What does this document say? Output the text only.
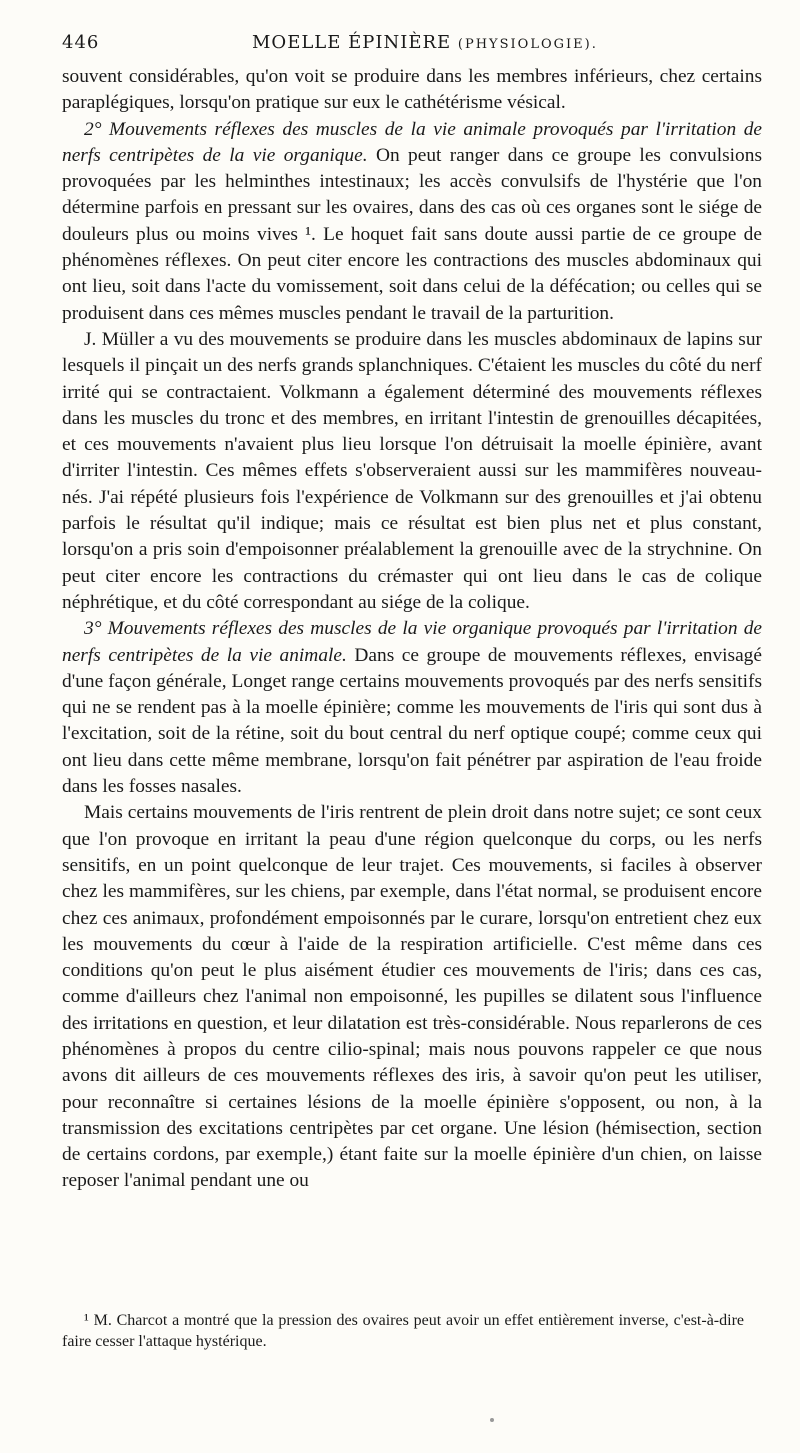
446	MOELLE ÉPINIÈRE (PHYSIOLOGIE).

souvent considérables, qu'on voit se produire dans les membres inférieurs, chez certains paraplégiques, lorsqu'on pratique sur eux le cathétérisme vésical.

2° Mouvements réflexes des muscles de la vie animale provoqués par l'irritation de nerfs centripètes de la vie organique. On peut ranger dans ce groupe les convulsions provoquées par les helminthes intestinaux; les accès convulsifs de l'hystérie que l'on détermine parfois en pressant sur les ovaires, dans des cas où ces organes sont le siége de douleurs plus ou moins vives ¹. Le hoquet fait sans doute aussi partie de ce groupe de phénomènes réflexes. On peut citer encore les contractions des muscles abdominaux qui ont lieu, soit dans l'acte du vomissement, soit dans celui de la défécation; ou celles qui se produisent dans ces mêmes muscles pendant le travail de la parturition.

J. Müller a vu des mouvements se produire dans les muscles abdominaux de lapins sur lesquels il pinçait un des nerfs grands splanchniques. C'étaient les muscles du côté du nerf irrité qui se contractaient. Volkmann a également déterminé des mouvements réflexes dans les muscles du tronc et des membres, en irritant l'intestin de grenouilles décapitées, et ces mouvements n'avaient plus lieu lorsque l'on détruisait la moelle épinière, avant d'irriter l'intestin. Ces mêmes effets s'observeraient aussi sur les mammifères nouveau-nés. J'ai répété plusieurs fois l'expérience de Volkmann sur des grenouilles et j'ai obtenu parfois le résultat qu'il indique; mais ce résultat est bien plus net et plus constant, lorsqu'on a pris soin d'empoisonner préalablement la grenouille avec de la strychnine. On peut citer encore les contractions du crémaster qui ont lieu dans le cas de colique néphrétique, et du côté correspondant au siége de la colique.

3° Mouvements réflexes des muscles de la vie organique provoqués par l'irritation de nerfs centripètes de la vie animale. Dans ce groupe de mouvements réflexes, envisagé d'une façon générale, Longet range certains mouvements provoqués par des nerfs sensitifs qui ne se rendent pas à la moelle épinière; comme les mouvements de l'iris qui sont dus à l'excitation, soit de la rétine, soit du bout central du nerf optique coupé; comme ceux qui ont lieu dans cette même membrane, lorsqu'on fait pénétrer par aspiration de l'eau froide dans les fosses nasales.

Mais certains mouvements de l'iris rentrent de plein droit dans notre sujet; ce sont ceux que l'on provoque en irritant la peau d'une région quelconque du corps, ou les nerfs sensitifs, en un point quelconque de leur trajet. Ces mouvements, si faciles à observer chez les mammifères, sur les chiens, par exemple, dans l'état normal, se produisent encore chez ces animaux, profondément empoisonnés par le curare, lorsqu'on entretient chez eux les mouvements du cœur à l'aide de la respiration artificielle. C'est même dans ces conditions qu'on peut le plus aisément étudier ces mouvements de l'iris; dans ces cas, comme d'ailleurs chez l'animal non empoisonné, les pupilles se dilatent sous l'influence des irritations en question, et leur dilatation est très-considérable. Nous reparlerons de ces phénomènes à propos du centre cilio-spinal; mais nous pouvons rappeler ce que nous avons dit ailleurs de ces mouvements réflexes des iris, à savoir qu'on peut les utiliser, pour reconnaître si certaines lésions de la moelle épinière s'opposent, ou non, à la transmission des excitations centripètes par cet organe. Une lésion (hémisection, section de certains cordons, par exemple,) étant faite sur la moelle épinière d'un chien, on laisse reposer l'animal pendant une ou

¹ M. Charcot a montré que la pression des ovaires peut avoir un effet entièrement inverse, c'est-à-dire faire cesser l'attaque hystérique.
